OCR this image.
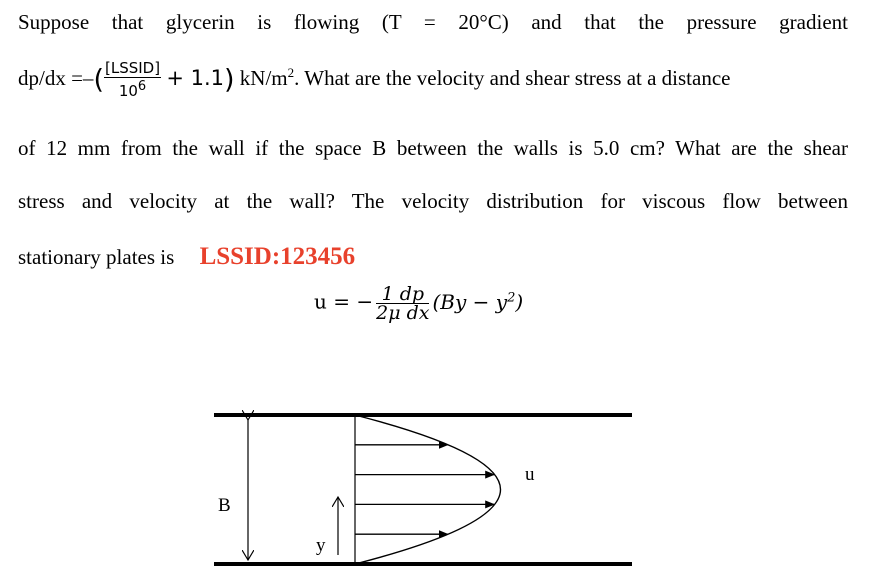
Suppose that glycerin is flowing (T = 20°C) and that the pressure gradient
dp/dx =–( $\frac{\text{[LSSID]}}{10^6} + 1.1$) $kN/m^2$. What are the velocity and shear stress at a distance
of 12 mm from the wall if the space B between the walls is 5.0 cm? What are the shear
stress and velocity at the wall? The velocity distribution for viscous flow between
stationary plates is LSSID:123456
u = − $\frac{1 dp}{\text{2μ dx}} (By - y^2)$
B
y
u
